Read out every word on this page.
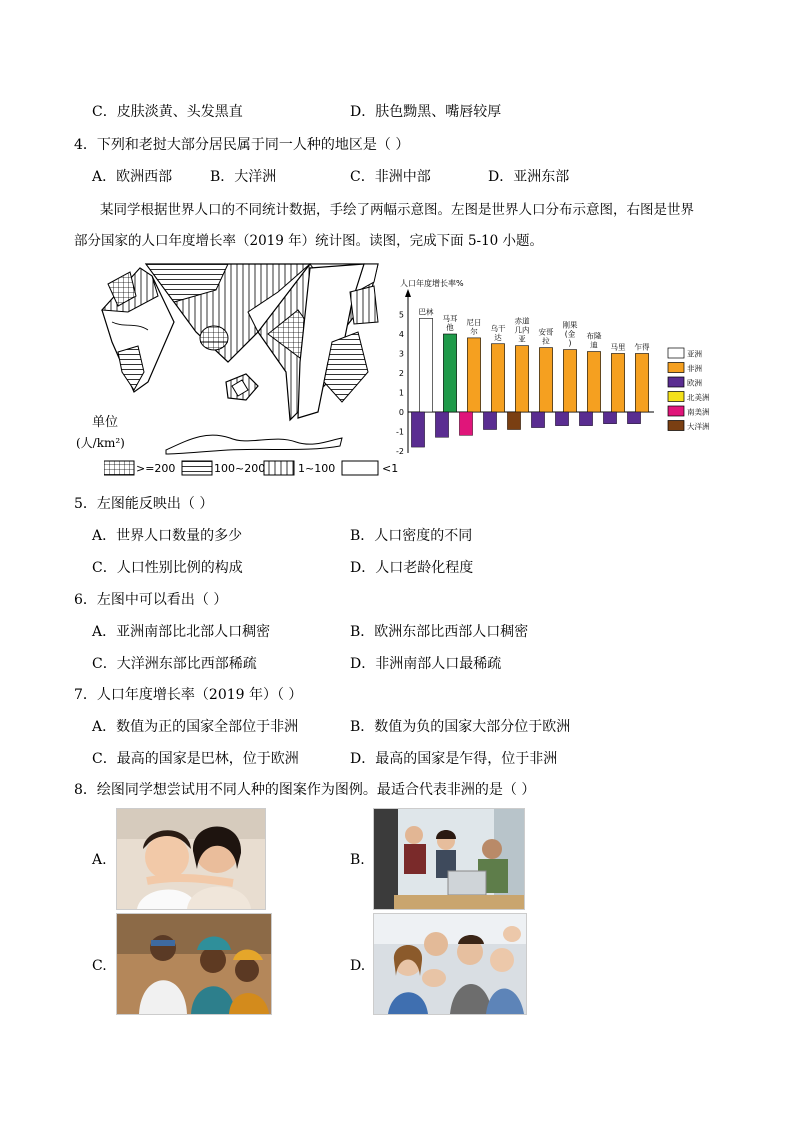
C．皮肤淡黄、头发黑直	D．肤色黝黑、嘴唇较厚
4．下列和老挝大部分居民属于同一人种的地区是（ ）
A．欧洲西部	B．大洋洲	C．非洲中部	D．亚洲东部
某同学根据世界人口的不同统计数据，手绘了两幅示意图。左图是世界人口分布示意图，右图是世界
部分国家的人口年度增长率（2019 年）统计图。读图，完成下面 5-10 小题。
单位
(人/km²)
>=200	100~200	1~100	<1
人口年度增长率%
-2
-1
0
1
2
3
4
5 巴林
马耳
他
尼日
尔 乌干
达
赤道
几内
亚
安哥
拉
刚果
(金
)
布隆
迪 马里 乍得
亚洲
非洲
欧洲
北美洲
南美洲
大洋洲
5．左图能反映出（ ）
A．世界人口数量的多少	B．人口密度的不同
C．人口性别比例的构成	D．人口老龄化程度
6．左图中可以看出（ ）
A．亚洲南部比北部人口稠密	B．欧洲东部比西部人口稠密
C．大洋洲东部比西部稀疏	D．非洲南部人口最稀疏
7．人口年度增长率（2019 年）（ ）
A．数值为正的国家全部位于非洲	B．数值为负的国家大部分位于欧洲
C．最高的国家是巴林，位于欧洲	D．最高的国家是乍得，位于非洲
8．绘图同学想尝试用不同人种的图案作为图例。最适合代表非洲的是（ ）
A.	B.
C.	D.
